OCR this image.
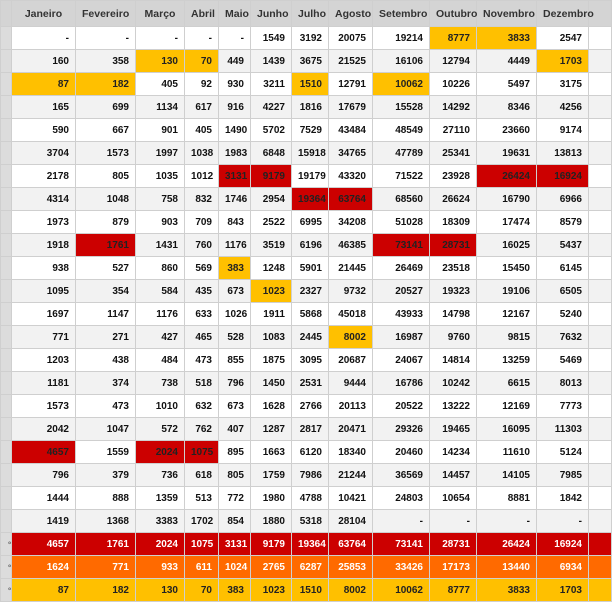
	Janeiro	Fevereiro	Março	Abril	Maio	Junho	Julho	Agosto	Setembro	Outubro	Novembro	Dezembro	
	-	-	-	-	-	1549	3192	20075	19214	8777	3833	2547	
	160	358	130	70	449	1439	3675	21525	16106	12794	4449	1703	
	87	182	405	92	930	3211	1510	12791	10062	10226	5497	3175	
	165	699	1134	617	916	4227	1816	17679	15528	14292	8346	4256	
	590	667	901	405	1490	5702	7529	43484	48549	27110	23660	9174	
	3704	1573	1997	1038	1983	6848	15918	34765	47789	25341	19631	13813	
	2178	805	1035	1012	3131	9179	19179	43320	71522	23928	26424	16924	
	4314	1048	758	832	1746	2954	19364	63764	68560	26624	16790	6966	
	1973	879	903	709	843	2522	6995	34208	51028	18309	17474	8579	
	1918	1761	1431	760	1176	3519	6196	46385	73141	28731	16025	5437	
	938	527	860	569	383	1248	5901	21445	26469	23518	15450	6145	
	1095	354	584	435	673	1023	2327	9732	20527	19323	19106	6505	
	1697	1147	1176	633	1026	1911	5868	45018	43933	14798	12167	5240	
	771	271	427	465	528	1083	2445	8002	16987	9760	9815	7632	
	1203	438	484	473	855	1875	3095	20687	24067	14814	13259	5469	
	1181	374	738	518	796	1450	2531	9444	16786	10242	6615	8013	
	1573	473	1010	632	673	1628	2766	20113	20522	13222	12169	7773	
	2042	1047	572	762	407	1287	2817	20471	29326	19465	16095	11303	
	4657	1559	2024	1075	895	1663	6120	18340	20460	14234	11610	5124	
	796	379	736	618	805	1759	7986	21244	36569	14457	14105	7985	
	1444	888	1359	513	772	1980	4788	10421	24803	10654	8881	1842	
	1419	1368	3383	1702	854	1880	5318	28104	-	-	-	-	
º	4657	1761	2024	1075	3131	9179	19364	63764	73141	28731	26424	16924	
º	1624	771	933	611	1024	2765	6287	25853	33426	17173	13440	6934	
º	87	182	130	70	383	1023	1510	8002	10062	8777	3833	1703	
